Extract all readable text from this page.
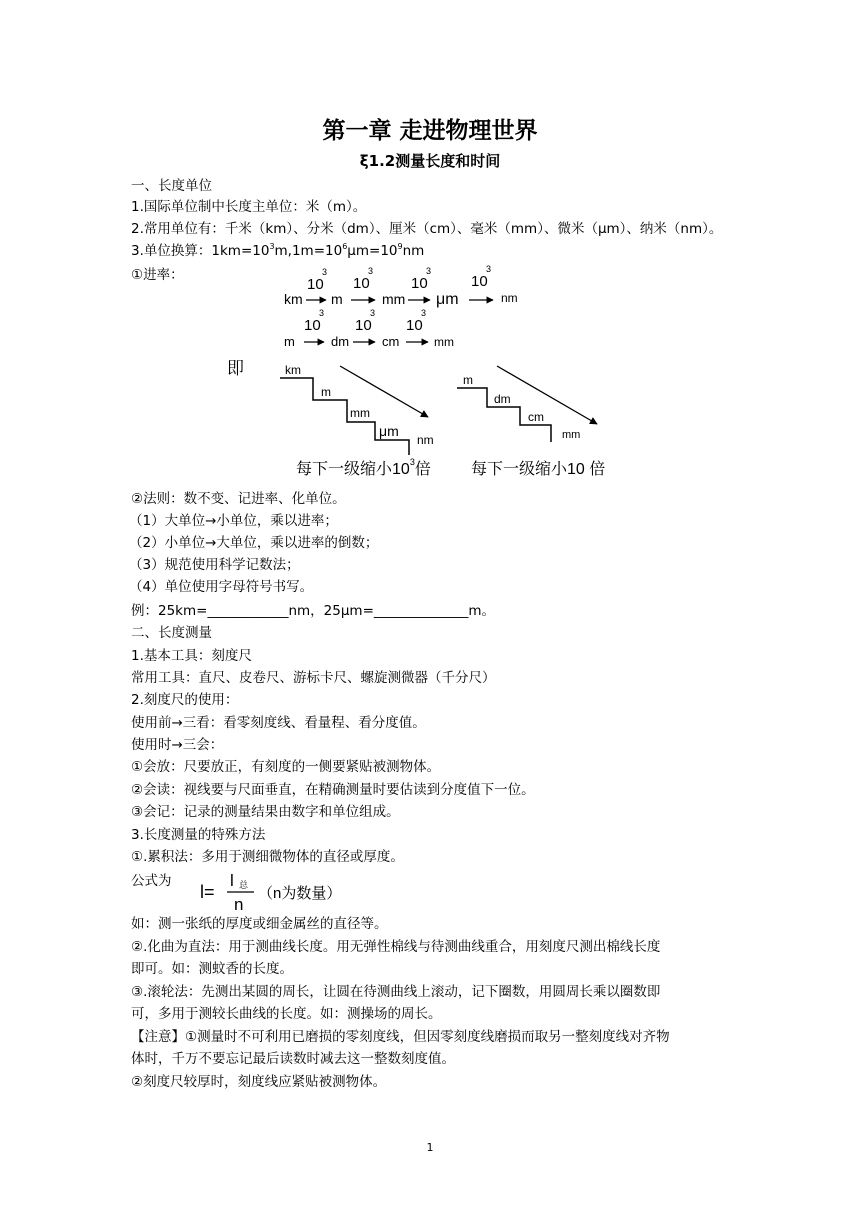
第一章 走进物理世界
ξ1.2测量长度和时间
一、长度单位
1.国际单位制中长度主单位：米（m）。
2.常用单位有：千米（km）、分米（dm）、厘米（cm）、毫米（mm）、微米（μm）、纳米（nm）。
3.单位换算：$1km=10^3m,1m=10^6\mu m=10^9nm$
①进率：
km m	mm μm	nm
10
3
10
3
10
3
10
3
m	dm	cm	mm
10
3
10
3
10
3
即	km
m
mm
μm
nm
m
dm
cm
mm
每下一级缩小$10^3$倍	每下一级缩小10 倍
②法则：数不变、记进率、化单位。
（1）大单位→小单位，乘以进率；
（2）小单位→大单位，乘以进率的倒数；
（3）规范使用科学记数法；
（4）单位使用字母符号书写。
例：25km=____________nm，25μm=______________m。
二、长度测量
1.基本工具：刻度尺
常用工具：直尺、皮卷尺、游标卡尺、螺旋测微器（千分尺）
2.刻度尺的使用：
使用前→三看：看零刻度线、看量程、看分度值。
使用时→三会：
①会放：尺要放正，有刻度的一侧要紧贴被测物体。
②会读：视线要与尺面垂直，在精确测量时要估读到分度值下一位。
③会记：记录的测量结果由数字和单位组成。
3.长度测量的特殊方法
①.累积法：多用于测细微物体的直径或厚度。
公式为
l=
l 总
n
（n为数量）
如：测一张纸的厚度或细金属丝的直径等。
②.化曲为直法：用于测曲线长度。用无弹性棉线与待测曲线重合，用刻度尺测出棉线长度
即可。如：测蚊香的长度。
③.滚轮法：先测出某圆的周长，让圆在待测曲线上滚动，记下圈数，用圆周长乘以圈数即
可，多用于测较长曲线的长度。如：测操场的周长。
【注意】①测量时不可利用已磨损的零刻度线，但因零刻度线磨损而取另一整刻度线对齐物
体时，千万不要忘记最后读数时减去这一整数刻度值。
②刻度尺较厚时，刻度线应紧贴被测物体。
1
